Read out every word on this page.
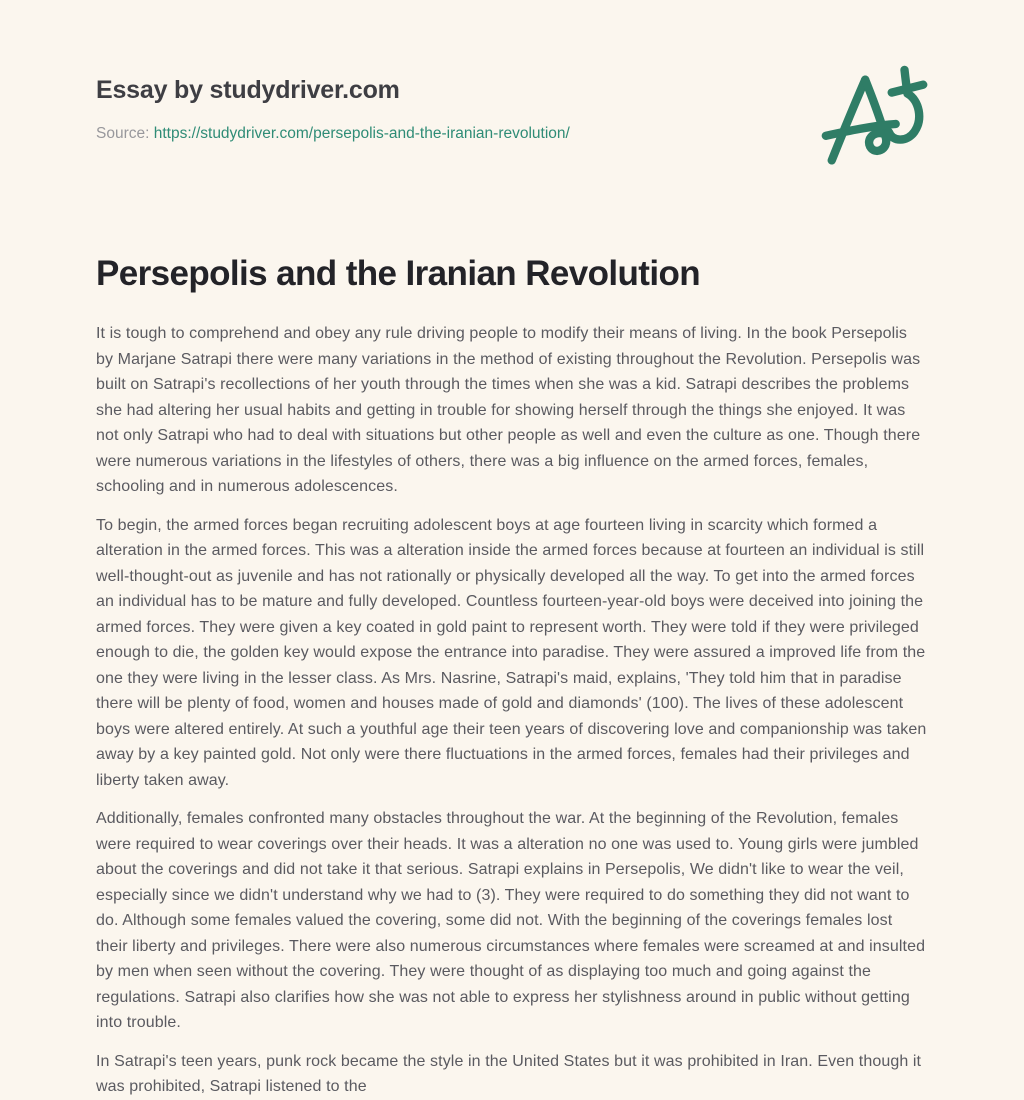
Essay by studydriver.com

Source: https://studydriver.com/persepolis-and-the-iranian-revolution/

Persepolis and the Iranian Revolution

It is tough to comprehend and obey any rule driving people to modify their means of living. In the book Persepolis by Marjane Satrapi there were many variations in the method of existing throughout the Revolution. Persepolis was built on Satrapi's recollections of her youth through the times when she was a kid. Satrapi describes the problems she had altering her usual habits and getting in trouble for showing herself through the things she enjoyed. It was not only Satrapi who had to deal with situations but other people as well and even the culture as one. Though there were numerous variations in the lifestyles of others, there was a big influence on the armed forces, females, schooling and in numerous adolescences.

To begin, the armed forces began recruiting adolescent boys at age fourteen living in scarcity which formed a alteration in the armed forces. This was a alteration inside the armed forces because at fourteen an individual is still well-thought-out as juvenile and has not rationally or physically developed all the way. To get into the armed forces an individual has to be mature and fully developed. Countless fourteen-year-old boys were deceived into joining the armed forces. They were given a key coated in gold paint to represent worth. They were told if they were privileged enough to die, the golden key would expose the entrance into paradise. They were assured a improved life from the one they were living in the lesser class. As Mrs. Nasrine, Satrapi's maid, explains, 'They told him that in paradise there will be plenty of food, women and houses made of gold and diamonds' (100). The lives of these adolescent boys were altered entirely. At such a youthful age their teen years of discovering love and companionship was taken away by a key painted gold. Not only were there fluctuations in the armed forces, females had their privileges and liberty taken away.

Additionally, females confronted many obstacles throughout the war. At the beginning of the Revolution, females were required to wear coverings over their heads. It was a alteration no one was used to. Young girls were jumbled about the coverings and did not take it that serious. Satrapi explains in Persepolis, We didn't like to wear the veil, especially since we didn't understand why we had to (3). They were required to do something they did not want to do. Although some females valued the covering, some did not. With the beginning of the coverings females lost their liberty and privileges. There were also numerous circumstances where females were screamed at and insulted by men when seen without the covering. They were thought of as displaying too much and going against the regulations. Satrapi also clarifies how she was not able to express her stylishness around in public without getting into trouble.

In Satrapi's teen years, punk rock became the style in the United States but it was prohibited in Iran. Even though it was prohibited, Satrapi listened to the
